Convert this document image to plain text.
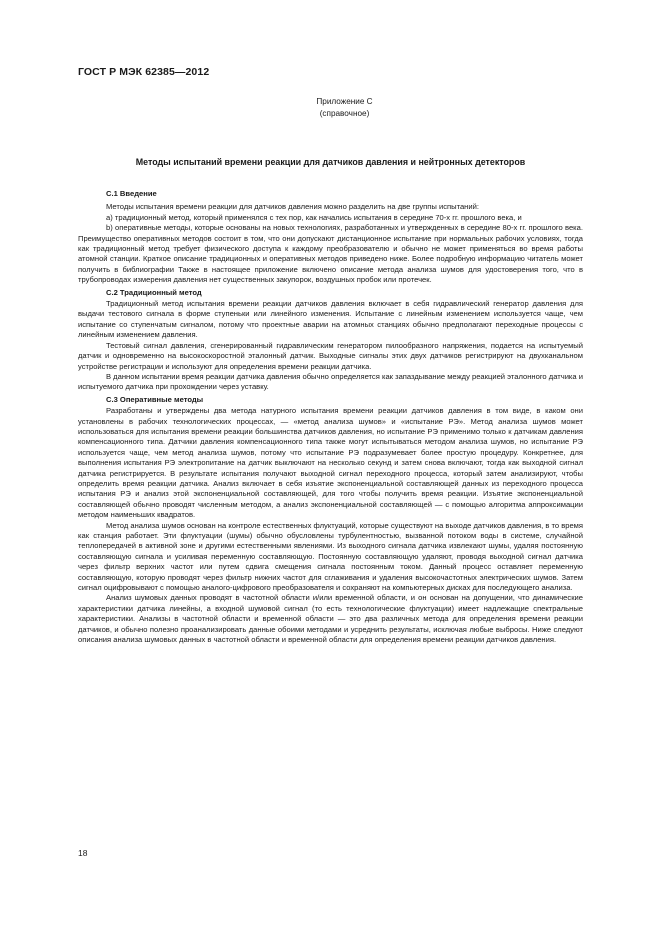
ГОСТ Р МЭК 62385—2012
Приложение С
(справочное)
Методы испытаний времени реакции для датчиков давления и нейтронных детекторов

С.1 Введение

Методы испытания времени реакции для датчиков давления можно разделить на две группы испытаний:

а) традиционный метод, который применялся с тех пор, как начались испытания в середине 70-х гг. прошлого века, и

b) оперативные методы, которые основаны на новых технологиях, разработанных и утвержденных в середине 80-х гг. прошлого века. Преимущество оперативных методов состоит в том, что они допускают дистанционное испытание при нормальных рабочих условиях, тогда как традиционный метод требует физического доступа к каждому преобразователю и обычно не может применяться во время работы атомной станции. Краткое описание традиционных и оперативных методов приведено ниже. Более подробную информацию читатель может получить в библиографии Также в настоящее приложение включено описание метода анализа шумов для удостоверения того, что в трубопроводах измерения давления нет существенных закупорок, воздушных пробок или протечек.

С.2 Традиционный метод

Традиционный метод испытания времени реакции датчиков давления включает в себя гидравлический генератор давления для выдачи тестового сигнала в форме ступеньки или линейного изменения. Испытание с линейным изменением используется чаще, чем испытание со ступенчатым сигналом, потому что проектные аварии на атомных станциях обычно предполагают переходные процессы с линейным изменением давления.

Тестовый сигнал давления, сгенерированный гидравлическим генератором пилообразного напряжения, подается на испытуемый датчик и одновременно на высокоскоростной эталонный датчик. Выходные сигналы этих двух датчиков регистрируют на двухканальном устройстве регистрации и используют для определения времени реакции датчика.

В данном испытании время реакции датчика давления обычно определяется как запаздывание между реакцией эталонного датчика и испытуемого датчика при прохождении через уставку.

С.3 Оперативные методы

Разработаны и утверждены два метода натурного испытания времени реакции датчиков давления в том виде, в каком они установлены в рабочих технологических процессах, — «метод анализа шумов» и «испытание РЭ». Метод анализа шумов может использоваться для испытания времени реакции большинства датчиков давления, но испытание РЭ применимо только к датчикам давления компенсационного типа. Датчики давления компенсационного типа также могут испытываться методом анализа шумов, но испытание РЭ используется чаще, чем метод анализа шумов, потому что испытание РЭ подразумевает более простую процедуру. Конкретнее, для выполнения испытания РЭ электропитание на датчик выключают на несколько секунд и затем снова включают, тогда как выходной сигнал датчика регистрируется. В результате испытания получают выходной сигнал переходного процесса, который затем анализируют, чтобы определить время реакции датчика. Анализ включает в себя изъятие экспоненциальной составляющей данных из переходного процесса испытания РЭ и анализ этой экспоненциальной составляющей, для того чтобы получить время реакции. Изъятие экспоненциальной составляющей обычно проводят численным методом, а анализ экспоненциальной составляющей — с помощью алгоритма аппроксимации методом наименьших квадратов.

Метод анализа шумов основан на контроле естественных флуктуаций, которые существуют на выходе датчиков давления, в то время как станция работает. Эти флуктуации (шумы) обычно обусловлены турбулентностью, вызванной потоком воды в системе, случайной теплопередачей в активной зоне и другими естественными явлениями. Из выходного сигнала датчика извлекают шумы, удаляя постоянную составляющую сигнала и усиливая переменную составляющую. Постоянную составляющую удаляют, проводя выходной сигнал датчика через фильтр верхних частот или путем сдвига смещения сигнала постоянным током. Данный процесс оставляет переменную составляющую, которую проводят через фильтр нижних частот для сглаживания и удаления высокочастотных электрических шумов. Затем сигнал оцифровывают с помощью аналого-цифрового преобразователя и сохраняют на компьютерных дисках для последующего анализа.

Анализ шумовых данных проводят в частотной области и/или временной области, и он основан на допущении, что динамические характеристики датчика линейны, а входной шумовой сигнал (то есть технологические флуктуации) имеет надлежащие спектральные характеристики. Анализы в частотной области и временной области — это два различных метода для определения времени реакции датчиков, и обычно полезно проанализировать данные обоими методами и усреднить результаты, исключая любые выбросы. Ниже следуют описания анализа шумовых данных в частотной области и временной области для определения времени реакции датчиков давления.

18
